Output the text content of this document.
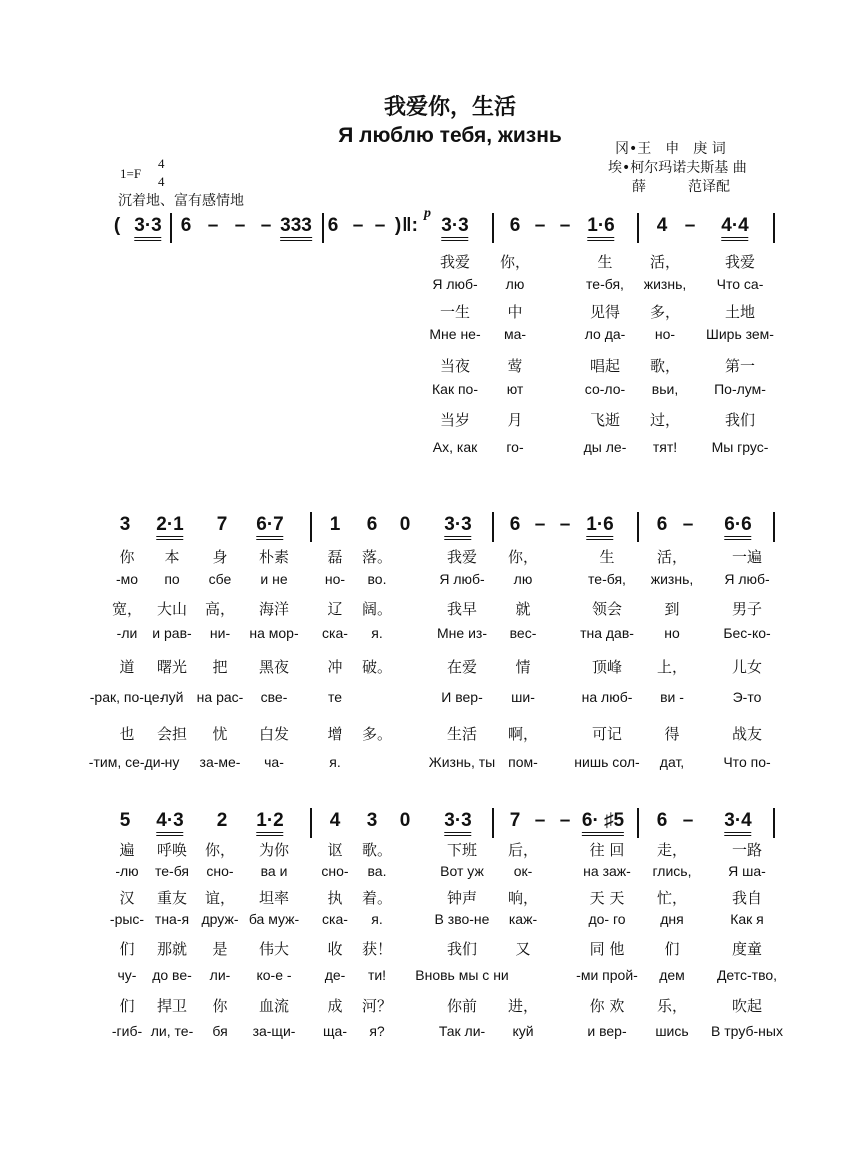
我爱你，生活
Я люблю тебя, жизнь
冈•王　申　庚 词
埃•柯尔玛诺夫斯基 曲
薛　　　范译配
1=F
4
4
沉着地、富有感情地
p
( 3·3 6 – – – 333 6 – – ) ‖: 3·3 6 – – 1·6 4 – 4·4
我爱 你，	生 活，	我爱
Я люб- лю	те-бя, жизнь, Что са-
一生 中	见得 多，	土地
Мне не- ма-	ло да- но- Ширь зем-
当夜 莺	唱起 歌，	第一
Как по- ют	со-ло- вьи,	По-лум-
当岁 月	飞逝 过，	我们
Ах, как го-	ды ле- тят! Мы грус-
3 2·1 7 6·7 1 6 0 3·3 6 – – 1·6 6 – 6·6
你 本 身 朴素	磊 落。	我爱 你，	生	活，	一遍
-мо по сбе и не	но- во.	Я люб- лю	те-бя, жизнь, Я люб-
宽， 大山 高， 海洋	辽 阔。	我早	就	领会	到	男子
-ли и рав- ни- на мор- ска- я.	Мне из- вес-	тна дав- но	Бес-ко-
道 曙光 把 黑夜	冲 破。	在爱	情	顶峰 上，	儿女
-рак, по-це-
луй на рас- све-	те	И вер- ши-	на люб- ви -	Э-то
也 会担 忧 白发	增 多。	生活 啊，	可记	得	战友
-тим, се-ди- ну за-ме- ча-	я.	Жизнь, ты пом-	нишь сол- дат,	Что по-
5 4·3 2 1·2 4 3 0 3·3 7 – – 6· ♯5 6 – 3·4
遍 呼唤 你， 为你	讴 歌。	下班 后，	往 回 走，	一路
-лю те-бя сно- ва и сно- ва.	Вот уж ок-	на заж- глись,	Я ша-
汉 重友 谊， 坦率	执 着。	钟声 响，	天 天 忙，	我自
-рыс- тна-я друж- ба муж- ска- я.	В зво-не каж-	до- го дня	Как я
们 那就 是 伟大	收 获！	我们	又	同 他	们	度童
чу- до ве- ли- ко-е - де- ти! Вновь мы с ни	-ми прой- дем Детс-тво,
们 捍卫 你 血流	成 河？	你前 进，	你 欢 乐，	吹起
-гиб- ли, те- бя за-щи- ща- я?	Так ли- куй	и вер- шись В труб-ных
